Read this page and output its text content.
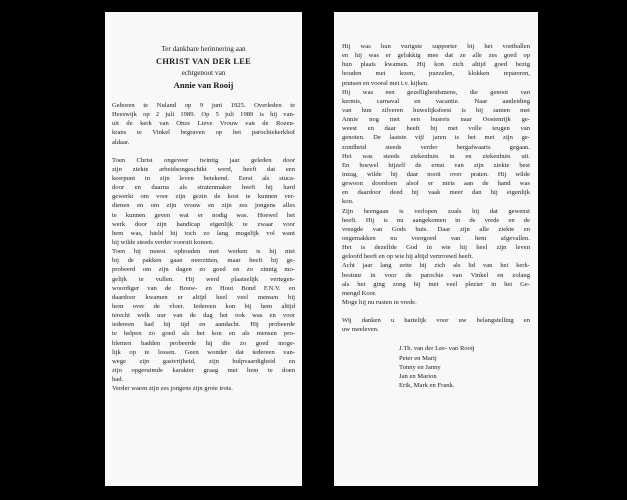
Ter dankbare herinnering aan
CHRIST VAN DER LEE
echtgenoot van
Annie van Rooij
Geboren te Nuland op 9 juni 1925. Overleden te
Heeswijk op 2 juli 1989. Op 5 juli 1989 is hij van-
uit de kerk van Onze Lieve Vrouw van de Rozen-
krans te Vinkel begraven op het parochiekerkhof
aldaar.
Toen Christ ongeveer twintig jaar geleden door
zijn ziekte arbeidsongeschikt werd, heeft dat een
keerpunt in zijn leven betekend. Eerst als stuca-
door en daarna als stratenmaker heeft hij hard
gewerkt om voor zijn gezin de kost te kunnen ver-
dienen en om zijn vrouw en zijn zes jongens alles
te kunnen geven wat er nodig was. Hoewel het
werk door zijn handicap eigenlijk te zwaar voor
hem was, hield hij toch zo lang mogelijk vol want
hij wilde steeds verder vooruit komen.
Toen hij moest ophouden met werken is hij niet
bij de pakken gaan neerzitten, maar heeft hij ge-
probeerd om zijn dagen zo goed en zo zinnig mo-
gelijk te vullen. Hij werd plaatselijk vertegen-
woordiger van de Bouw- en Hout Bond F.N.V. en
daardoor kwamen er altijd heel veel mensen bij
hem over de vloer. Iedereen kon bij hem altijd
terecht welk uur van de dag het ook was en voor
iedereen had hij tijd en aandacht. Hij probeerde
te helpen zo goed als het kon en als mensen pro-
blemen hadden probeerde hij die zo goed moge-
lijk op te lossen. Geen wonder dat iedereen van-
wege zijn gastvrijheid, zijn hulpvaardigheid en
zijn opgeruimde karakter graag met hem te doen
had.
Verder waren zijn zes jongens zijn grote trots.
Hij was hun vurigste supporter bij het voetballen
en hij was er gelukkig mee dat ze alle zes goed op
hun plaats kwamen. Hij kon zich altijd goed bezig
houden met lezen, puzzelen, klokken repareren,
prutsen en vooral met t.v. kijken.
Hij was een gezelligheidsmens, die genoot van
kermis, carnaval en vacantie. Naar aanleiding
van hun zilveren huwelijksfeest is hij samen met
Annie nog met een busreis naar Oostenrijk ge-
weest en daar heeft hij met volle teugen van
genoten. De laatste vijf jaren is het met zijn ge-
zondheid steeds verder bergafwaarts gegaan.
Het was steeds ziekenhuis in en ziekenhuis uit.
En hoewel hijzelf de ernst van zijn ziekte best
inzag, wilde hij daar nooit over praten. Hij wilde
gewoon doordoen alsof er niets aan de hand was
en daardoor deed hij vaak meer dan hij eigenlijk
kon.
Zijn heengaan is verlopen zoals hij dat gewenst
heeft. Hij is nu aangekomen in de vrede en de
vreugde van Gods huis. Daar zijn alle ziekte en
ongemakken nu voorgoed van hem afgevallen.
Het is dezelfde God in wie hij heel zijn leven
geloofd heeft en op wie hij altijd vertrouwd heeft.
Acht jaar lang zette hij zich als lid van het kerk-
bestuur in voor de parochie van Vinkel en zolang
als het ging zong hij met veel plezier in het Ge-
mengd Koor.
Moge hij nu rusten in vrede.
Wij danken u hartelijk voor uw belangstelling en
uw meeleven.
J.Th. van der Lee- van Rooij
Peter en Marij
Tonny en Janny
Jan en Marion
Erik, Mark en Frank.
